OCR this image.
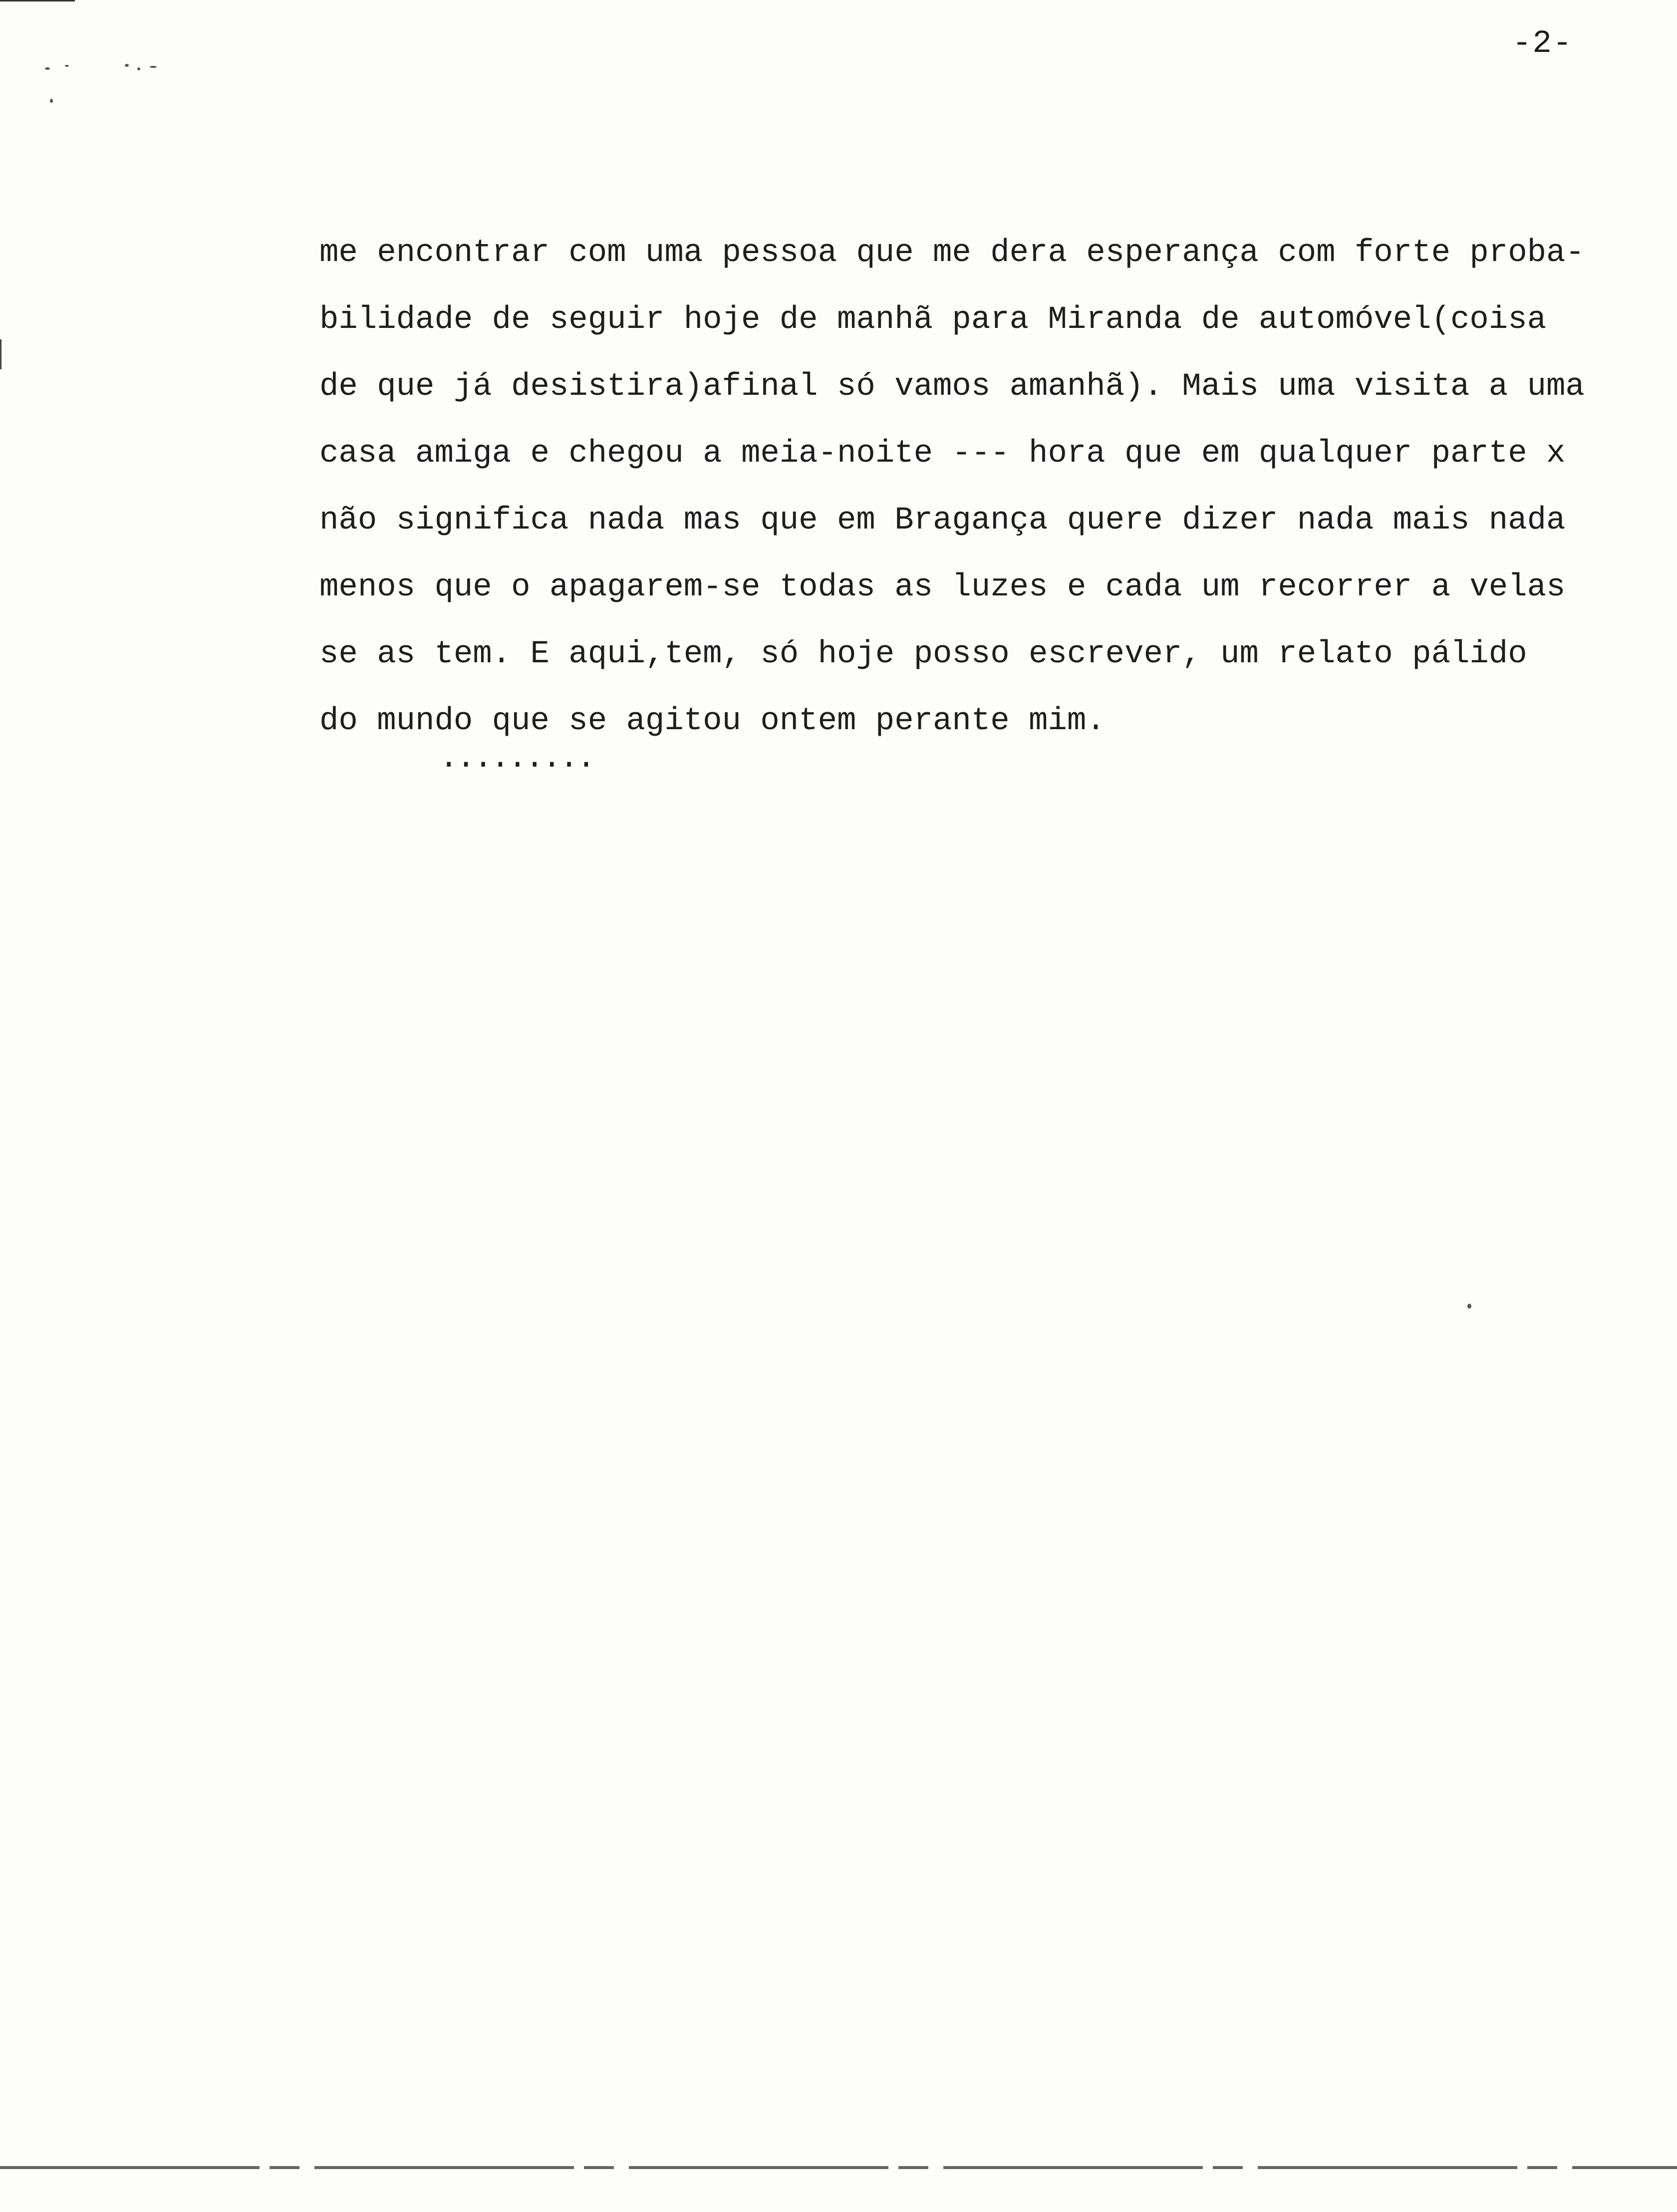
-2-
me encontrar com uma pessoa que me dera esperança com forte proba-
bilidade de seguir hoje de manhã para Miranda de automóvel(coisa
de que já desistira)afinal só vamos amanhã). Mais uma visita a uma
casa amiga e chegou a meia-noite --- hora que em qualquer parte x
não significa nada mas que em Bragança quere dizer nada mais nada
menos que o apagarem-se todas as luzes e cada um recorrer a velas
se as tem. E aqui,tem, só hoje posso escrever, um relato pálido
do mundo que se agitou ontem perante mim.
.........
